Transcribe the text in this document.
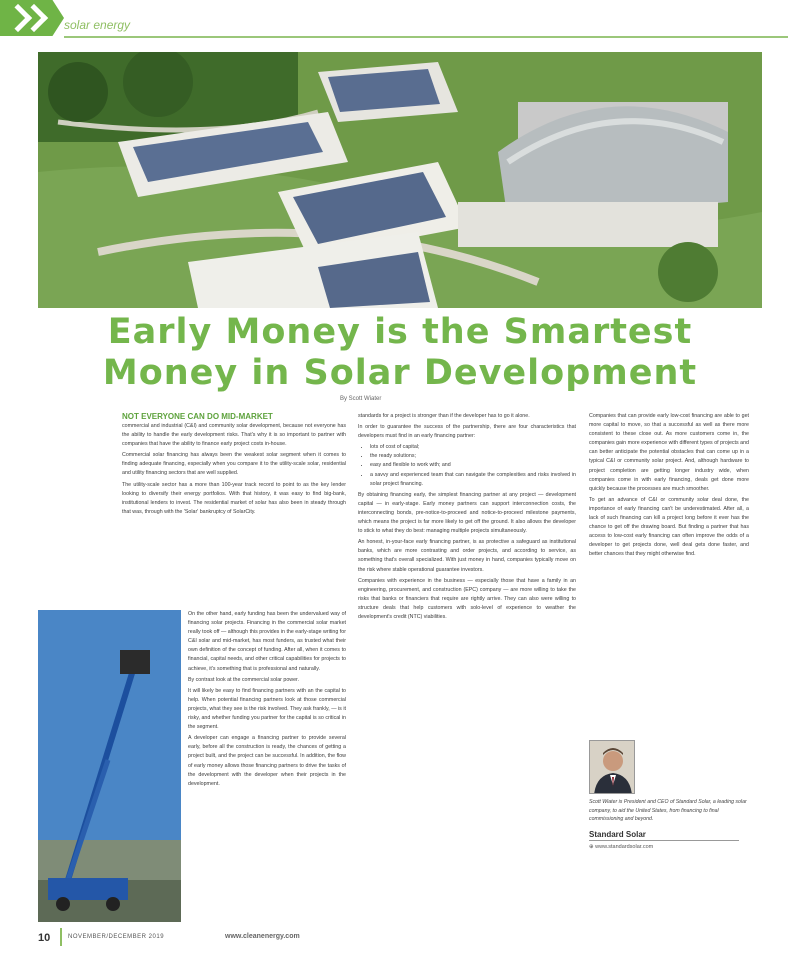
solar energy
Early Money is the Smartest
Money in Solar Development
By Scott Wiater
NOT EVERYONE CAN DO MID-MARKET

commercial and industrial (C&I) and community solar development, because not everyone has the ability to handle the early development risks. That's why it is so important to partner with companies that have the ability to finance early project costs in-house.

Commercial solar financing has always been the weakest solar segment when it comes to finding adequate financing, especially when you compare it to the utility-scale solar, residential and utility financing sectors that are well supplied.

The utility-scale sector has a more than 100-year track record to point to as the key lender looking to diversify their energy portfolios. With that history, it was easy to find big-bank, institutional lenders to invest. The residential market of solar has also been in steady through that was, through with the 'Solar' bankruptcy of SolarCity.

On the other hand, early funding has been the undervalued way of financing solar projects. Financing in the commercial solar market really took off — although this provides in the early-stage writing for C&I solar and mid-market, has most funders, as trusted what their own definition of the concept of funding. After all, when it comes to financial, capital needs, and other critical capabilities for projects to achieve, it's something that is professional and naturally.

By contrast look at the commercial solar power.

It will likely be easy to find financing partners with an the capital to help. When potential financing partners look at those commercial projects, what they see is the risk involved. They ask frankly, — is it risky, and whether funding you partner for the capital is so critical in the segment.

A developer can engage a financing partner to provide several early, before all the construction is ready, the chances of getting a project built, and the project can be successful. In addition, the flow of early money allows those financing partners to drive the tasks of the development with the developer when their projects in the development.

standards for a project is stronger than if the developer has to go it alone.

In order to guarantee the success of the partnership, there are four characteristics that developers must find in an early financing partner:

• lots of cost of capital;
• the ready solutions;
• easy and flexible to work with; and
• a savvy and experienced team that can navigate the complexities and risks involved in solar project financing.

By obtaining financing early, the simplest financing partner at any project — development capital — in early-stage. Early money partners can support interconnection costs, the interconnecting bonds, pre-notice-to-proceed and notice-to-proceed milestone payments, which means the project is far more likely to get off the ground. It also allows the developer to stick to what they do best: managing multiple projects simultaneously.

An honest, in-your-face early financing partner, is as protective a safeguard as institutional banks, which are more contrasting and order projects, and according to service, as something that's overall specialized. With just money in hand, companies typically move on the risk where stable operational guarantee investors.

Companies with experience in the business — especially those that have a family in an engineering, procurement, and construction (EPC) company — are more willing to take the risks that banks or financiers that require are rightly arrive. They can also were willing to structure deals that help customers with solo-level of experience to weather the development's credit (NTC) viabilities.

Companies that can provide early low-cost financing are able to get more capital to move, so that a successful as well as there more consistent to these close out. As more customers come in, the companies gain more experience with different types of projects and can better anticipate the potential obstacles that can come up in a typical C&I or community solar project. And, although hardware to project completion are getting longer industry wide, when companies come in with early financing, deals get done more quickly because the processes are much smoother.

To get an advance of C&I or community solar deal done, the importance of early financing can't be underestimated. After all, a lack of such financing can kill a project long before it ever has the chance to get off the drawing board. But finding a partner that has access to low-cost early financing can often improve the odds of a developer to get projects done, well deal gets done faster, and better chances that they might otherwise find.

Scott Wiater is President and CEO of Standard Solar, a leading solar company, to aid the United States, from financing to final commissioning and beyond.
Standard Solar
⊕ www.standardsolar.com
10	NOVEMBER/DECEMBER 2019	www.cleanenergy.com
